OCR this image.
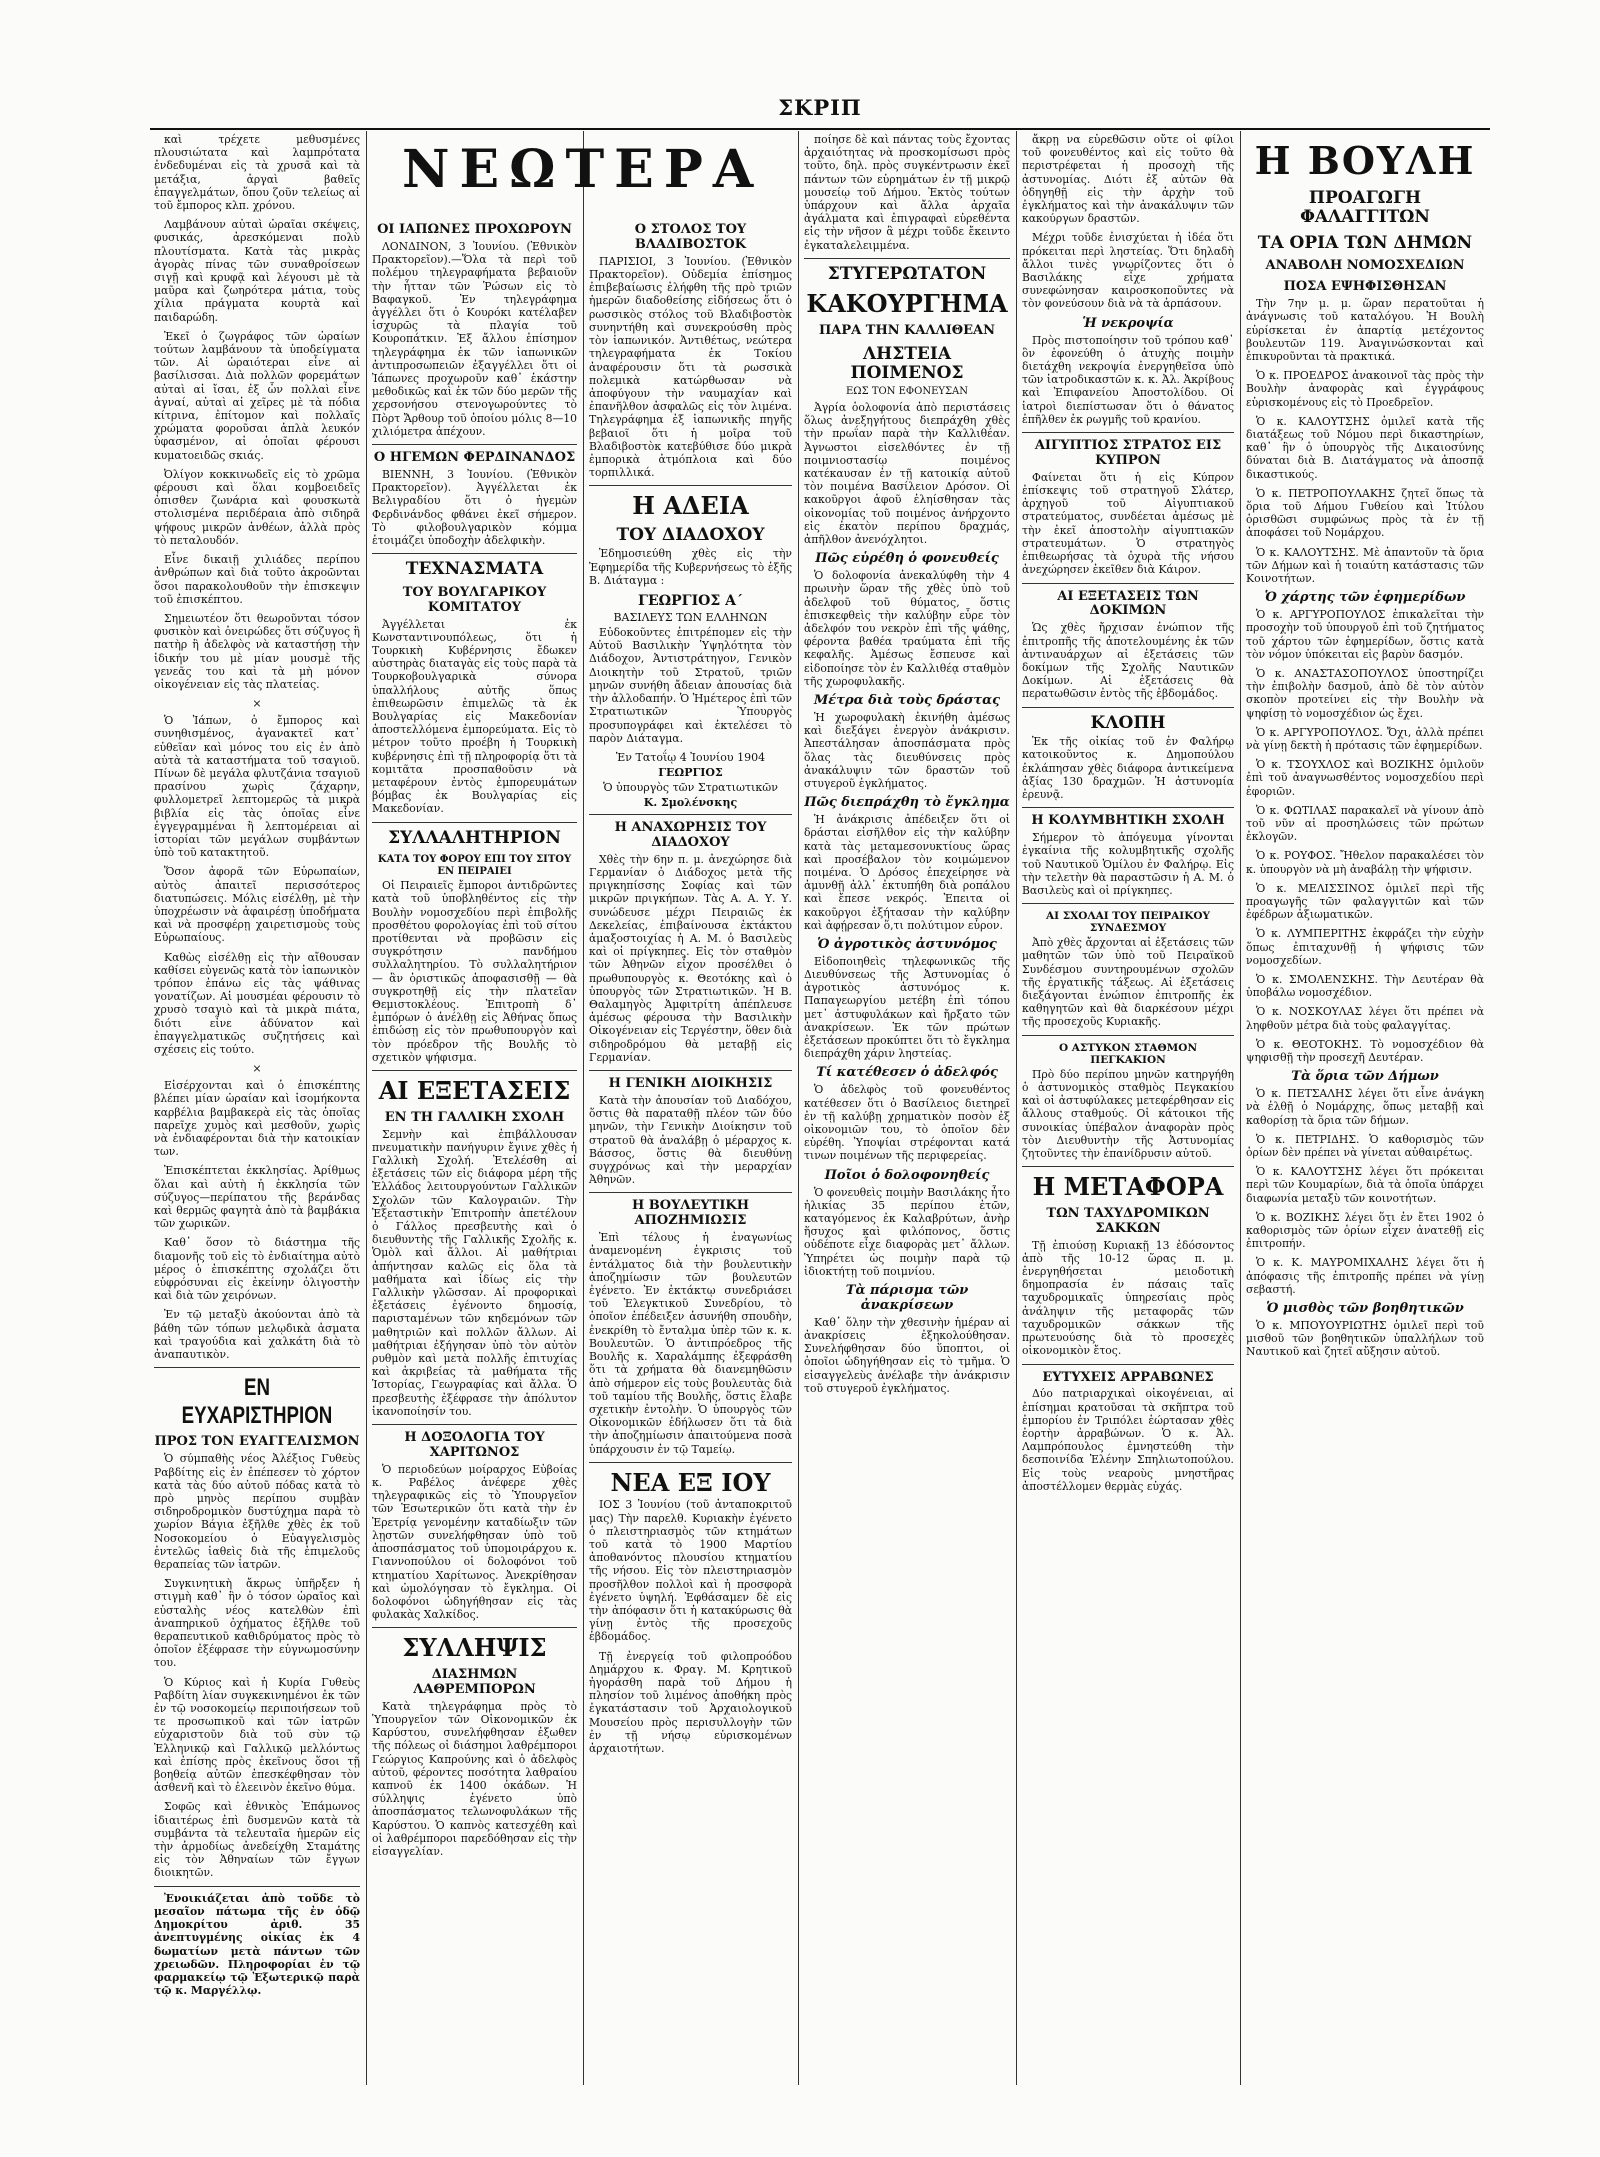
ΣΚΡΙΠ
ΝΕΩΤΕΡΑ

καὶ τρέχετε μεθυσμένες πλουσιώτατα καὶ λαμπρότατα ἐνδεδυμέναι εἰς τὰ χρυσᾶ καὶ τὰ μετάξια, ἀργαὶ βαθεῖς ἐπαγγελμάτων, ὅπου ζοῦν τελείως αἱ τοῦ ἔμπορος κλπ. χρόνου.

Λαμβάνουν αὐταὶ ὡραῖαι σκέψεις, φυσικάς, ἀρεσκόμεναι πολὺ πλουτίσματα. Κατὰ τὰς μικρὰς ἀγορὰς πίνας τῶν συναθροίσεων σιγῇ καὶ κρυφᾷ καὶ λέγουσι μὲ τὰ μαῦρα καὶ ζωηρότερα μάτια, τοὺς χίλια πράγματα κουρτὰ καὶ παιδαρώδη.

Ἐκεῖ ὁ ζωγράφος τῶν ὡραίων τούτων λαμβάνουν τὰ ὑποδείγματα τῶν. Αἱ ὡραιότεραι εἶνε αἱ βασίλισσαι. Διὰ πολλῶν φορεμάτων αὐταὶ αἱ ἴσαι, ἐξ ὧν πολλαὶ εἶνε ἀγναί, αὐταὶ αἱ χεῖρες μὲ τὰ πόδια κίτρινα, ἐπίτομον καὶ πολλαῖς χρώματα φοροῦσαι ἁπλὰ λευκόν ὑφασμένον, αἱ ὁποῖαι φέρουσι κυματοειδῶς σκιάς.

Ὀλίγον κοκκινωδεῖς εἰς τὸ χρῶμα φέρουσι καὶ ὅλαι κομβοειδεῖς ὀπισθεν ζωνάρια καὶ φουσκωτὰ στολισμένα περιδέραια ἀπὸ σιδηρᾶ ψήφους μικρῶν ἀνθέων, ἀλλὰ πρὸς τὸ πεταλουδόν.

Εἶνε δικαιῇ χιλιάδες περίπου ἀνθρώπων καὶ διὰ τοῦτο ἀκροῶνται ὅσοι παρακολουθοῦν τὴν ἐπισκεψιν τοῦ ἐπισκέπτου.

Σημειωτέον ὅτι θεωροῦνται τόσον φυσικὸν καὶ ὀνειρώδες ὅτι σύζυγος ἢ πατὴρ ἢ ἀδελφὸς νὰ καταστήσῃ τὴν ἰδικήν του μὲ μίαν μουσμὲ τῆς γενεᾶς του καὶ τὰ μὴ μόνον οἰκογένειαν εἰς τὰς πλατείας.

×

Ὁ Ἰάπων, ὁ ἔμπορος καὶ συνηθισμένος, ἀγανακτεῖ κατ᾽ εὐθεῖαν καὶ μόνος του εἰς ἐν ἀπὸ αὐτὰ τὰ καταστήματα τοῦ τσαγιοῦ. Πίνων δὲ μεγάλα φλυτζάνια τσαγιοῦ πρασίνου χωρὶς ζάχαρην, φυλλομετρεῖ λεπτομερῶς τὰ μικρὰ βιβλία εἰς τὰς ὁποῖας εἶνε ἐγγεγραμμέναι ἢ λεπτομέρειαι αἱ ἱστορίαι τῶν μεγάλων συμβάντων ὑπὸ τοῦ κατακτητοῦ.

Ὅσον ἀφορᾶ τῶν Εὐρωπαίων, αὐτὸς ἀπαιτεῖ περισσότερος διατυπώσεις. Μόλις εἰσέλθῃ, μὲ τὴν ὑποχρέωσιν νὰ ἀφαιρέσῃ ὑποδήματα καὶ νὰ προσφέρῃ χαιρετισμοὺς τοὺς Εὐρωπαίους.

Καθὼς εἰσέλθῃ εἰς τὴν αἴθουσαν καθίσει εὐγενῶς κατὰ τὸν ἰαπωνικὸν τρόπον ἐπάνω εἰς τὰς ψάθινας γονατίζων. Αἱ μουσμέαι φέρουσιν τὸ χρυσὸ τσαγιὸ καὶ τὰ μικρὰ πιάτα, διότι εἶνε ἀδύνατον καὶ ἐπαγγελματικῶς συζητήσεις καὶ σχέσεις εἰς τούτο.

×

Εἰσέρχονται καὶ ὁ ἐπισκέπτης βλέπει μίαν ὡραίαν καὶ ἱσομήκοντα καρβέλια βαμβακερὰ εἰς τὰς ὁποῖας παρεῖχε χυμὸς καὶ μεσθοῦν, χωρὶς νὰ ἐνδιαφέρονται διὰ τὴν κατοικίαν των.

Ἐπισκέπτεται ἐκκλησίας. Ἀρίθμως ὅλαι καὶ αὐτὴ ἡ ἐκκλησία τῶν σύζυγος—περίπατου τῆς βεράνδας καὶ θερμῶς φαγητὰ ἀπὸ τὰ βαμβάκια τῶν χωρικῶν.

Καθ᾽ ὅσον τὸ διάστημα τῆς διαμονῆς τοῦ εἰς τὸ ἐνδιαίτημα αὐτὸ μέρος ὁ ἐπισκέπτης σχολάζει ὅτι εὐφρόσυναι εἰς ἐκείνην ὀλιγοστὴν καὶ διὰ τῶν χειρόνων.

Ἐν τῷ μεταξὺ ἀκούονται ἀπὸ τὰ βάθη τῶν τόπων μελῳδικὰ ἀσματα καὶ τραγούδια καὶ χαλκάτη διὰ τὸ ἀναπαυτικὸν.

ΕΝ ΕΥΧΑΡΙΣΤΗΡΙΟΝ
ΠΡΟΣ ΤΟΝ ΕΥΑΓΓΕΛΙΣΜΟΝ

Ὁ σύμπαθὴς νέος Ἀλέξιος Γυθεὺς Ραβδίτης εἰς ἐν ἐπέπεσεν τὸ χόρτον κατὰ τὰς δύο αὐτοῦ πόδας κατὰ τὸ πρὸ μηνὸς περίπου συμβὰν σιδηροδρομικὸν δυστύχημα παρὰ τὸ χωρίον Βάγια ἐξῆλθε χθὲς ἐκ τοῦ Νοσοκομείου ὁ Εὐαγγελισμὸς ἐντελῶς ἰαθεὶς διὰ τῆς ἐπιμελοῦς θεραπείας τῶν ἰατρῶν.

Συγκινητικὴ ἄκρως ὑπῆρξεν ἡ στιγμὴ καθ᾽ ἣν ὁ τόσον ὡραῖος καὶ εὐσταλὴς νέος κατελθὼν ἐπὶ ἀναπηρικοῦ ὀχήματος ἐξῆλθε τοῦ θεραπευτικοῦ καθιδρύματος πρὸς τὸ ὁποῖον ἐξέφρασε τὴν εὐγνωμοσύνην του.

Ὁ Κύριος καὶ ἡ Κυρία Γυθεὺς Ραβδίτη λίαν συγκεκινημένοι ἐκ τῶν ἐν τῷ νοσοκομείῳ περιποιήσεων τοῦ τε προσωπικοῦ καὶ τῶν ἰατρῶν εὐχαριστοῦν διὰ τοῦ σὺν τῷ Ἐλληνικῷ καὶ Γαλλικῷ μελλόντως καὶ ἐπίσης πρὸς ἐκεῖνους ὅσοι τῇ βοηθείᾳ αὐτῶν ἐπεσκέφθησαν τὸν ἀσθενῆ καὶ τὸ ἐλεεινὸν ἐκεῖνο θύμα.

Σοφῶς καὶ ἐθνικὸς Ἐπάμωνος ἰδιαιτέρως ἐπὶ δυσμενῶν κατὰ τὰ συμβάντα τὰ τελευταῖα ἡμερῶν εἰς τὴν ἁρμοδίως ἀνεδείχθη Σταμάτης εἰς τὸν Ἀθηναίων τῶν ἔγγων διοικητῶν.

Ἐνοικιάζεται ἀπὸ τοῦδε τὸ μεσαῖον πάτωμα τῆς ἐν ὁδῷ Δημοκρίτου ἀριθ. 35 ἀνεπτυγμένης οἰκίας ἐκ 4 δωματίων μετὰ πάντων τῶν χρειωδῶν. Πληροφορίαι ἐν τῷ φαρμακείῳ τῷ Ἐξωτερικῷ παρὰ τῷ κ. Μαργέλλῳ.

ΟΙ ΙΑΠΩΝΕΣ ΠΡΟΧΩΡΟΥΝ

ΛΟΝΔΙΝΟΝ, 3 Ἰουνίου. (Ἐθνικὸν Πρακτορεῖον).—Ὅλα τὰ περὶ τοῦ πολέμου τηλεγραφήματα βεβαιοῦν τὴν ἧτταν τῶν Ῥώσων εἰς τὸ Βαφαγκοῦ. Ἐν τηλεγράφημα ἀγγέλλει ὅτι ὁ Κουρόκι κατέλαβεν ἰσχυρῶς τὰ πλαγία τοῦ Κουροπάτκιν. Ἐξ ἄλλου ἐπίσημον τηλεγράφημα ἐκ τῶν ἰαπωνικῶν ἀντιπροσωπειῶν ἐξαγγέλλει ὅτι οἱ Ἰάπωνες προχωροῦν καθ᾽ ἑκάστην μεθοδικῶς καὶ ἐκ τῶν δύο μερῶν τῆς χερσονήσου στενογωρούντες τὸ Πὸρτ Ἄρθουρ τοῦ ὁποίου μόλις 8—10 χιλιόμετρα ἀπέχουν.

Ο ΗΓΕΜΩΝ ΦΕΡΔΙΝΑΝΔΟΣ

ΒΙΕΝΝΗ, 3 Ἰουνίου. (Ἐθνικὸν Πρακτορεῖον). Ἀγγέλλεται ἐκ Βελιγραδίου ὅτι ὁ ἡγεμὼν Φερδινάνδος φθάνει ἐκεῖ σήμερον. Τὸ φιλοβουλγαρικὸν κόμμα ἑτοιμάζει ὑποδοχὴν ἀδελφικὴν.

ΤΕΧΝΑΣΜΑΤΑ
ΤΟΥ ΒΟΥΛΓΑΡΙΚΟΥ ΚΟΜΙΤΑΤΟΥ

Ἀγγέλλεται ἐκ Κωνσταντινουπόλεως, ὅτι ἡ Τουρκικὴ Κυβέρνησις ἔδωκεν αὐστηρὰς διαταγὰς εἰς τοὺς παρὰ τὰ Τουρκοβουλγαρικὰ σύνορα ὑπαλλήλους αὐτῆς ὅπως ἐπιθεωρῶσιν ἐπιμελῶς τὰ ἐκ Βουλγαρίας εἰς Μακεδονίαν ἀποστελλόμενα ἐμπορεύματα. Εἰς τὸ μέτρον τοῦτο προέβη ἡ Τουρκικὴ κυβέρνησις ἐπὶ τῇ πληροφορίᾳ ὅτι τὰ κομιτᾶτα προσπαθοῦσιν νὰ μεταφέρουν ἐντὸς ἐμπορευμάτων βόμβας ἐκ Βουλγαρίας εἰς Μακεδονίαν.

ΣΥΛΛΑΛΗΤΗΡΙΟΝ
ΚΑΤΑ ΤΟΥ ΦΟΡΟΥ ΕΠΙ ΤΟΥ ΣΙΤΟΥ ΕΝ ΠΕΙΡΑΙΕΙ

Οἱ Πειραιεῖς ἔμποροι ἀντιδρῶντες κατὰ τοῦ ὑποβληθέντος εἰς τὴν Βουλὴν νομοσχεδίου περὶ ἐπιβολῆς προσθέτου φορολογίας ἐπὶ τοῦ σίτου προτίθενται νὰ προβῶσιν εἰς συγκρότησιν πανδήμου συλλαλητηρίου. Τὸ συλλαλητήριον — ἂν ὁριστικῶς ἀποφασισθῇ — θὰ συγκροτηθῇ εἰς τὴν πλατεῖαν Θεμιστοκλέους. Ἐπιτροπὴ δ᾽ ἐμπόρων ὁ ἀνέλθῃ εἰς Ἀθήνας ὅπως ἐπιδώσῃ εἰς τὸν πρωθυπουργὸν καὶ τὸν πρόεδρον τῆς Βουλῆς τὸ σχετικὸν ψήφισμα.

ΑΙ ΕΞΕΤΑΣΕΙΣ
ΕΝ ΤΗ ΓΑΛΛΙΚΗ ΣΧΟΛΗ

Σεμνὴν καὶ ἐπιβάλλουσαν πνευματικὴν πανήγυριν ἔγινε χθὲς ἡ Γαλλικὴ Σχολή. Ἐτελέσθη αἱ ἐξετάσεις τῶν εἰς διάφορα μέρη τῆς Ἑλλάδος λειτουργούντων Γαλλικῶν Σχολῶν τῶν Καλογραιῶν. Τὴν Ἐξεταστικὴν Ἐπιτροπὴν ἀπετέλουν ὁ Γάλλος πρεσβευτὴς καὶ ὁ διευθυντὴς τῆς Γαλλικῆς Σχολῆς κ. Ὁμὸλ καὶ ἄλλοι. Αἱ μαθήτριαι ἀπήντησαν καλῶς εἰς ὅλα τὰ μαθήματα καὶ ἰδίως εἰς τὴν Γαλλικὴν γλῶσσαν. Αἱ προφορικαὶ ἐξετάσεις ἐγένοντο δημοσίᾳ, παρισταμένων τῶν κηδεμόνων τῶν μαθητριῶν καὶ πολλῶν ἄλλων. Αἱ μαθήτριαι ἐξήγησαν ὑπὸ τὸν αὐτὸν ρυθμὸν καὶ μετὰ πολλῆς ἐπιτυχίας καὶ ἀκριβείας τὰ μαθήματα τῆς Ἱστορίας, Γεωγραφίας καὶ ἄλλα. Ὁ πρεσβευτὴς ἐξέφρασε τὴν ἀπόλυτον ἱκανοποίησίν του.

Η ΔΟΞΟΛΟΓΙΑ ΤΟΥ ΧΑΡΙΤΩΝΟΣ

Ὁ περιοδεύων μοίραρχος Εὐβοίας κ. Ραβέλος ἀνέφερε χθὲς τηλεγραφικῶς εἰς τὸ Ὑπουργεῖον τῶν Ἐσωτερικῶν ὅτι κατὰ τὴν ἐν Ἐρετρίᾳ γενομένην καταδίωξιν τῶν λῃστῶν συνελήφθησαν ὑπὸ τοῦ ἀποσπάσματος τοῦ ὑπομοιράρχου κ. Γιαννοπούλου οἱ δολοφόνοι τοῦ κτηματίου Χαρίτωνος. Ἀνεκρίθησαν καὶ ὡμολόγησαν τὸ ἔγκλημα. Οἱ δολοφόνοι ὡδηγήθησαν εἰς τὰς φυλακὰς Χαλκίδος.

ΣΥΛΛΗΨΙΣ
ΔΙΑΣΗΜΩΝ ΛΑΘΡΕΜΠΟΡΩΝ

Κατὰ τηλεγράφημα πρὸς τὸ Ὑπουργεῖον τῶν Οἰκονομικῶν ἐκ Καρύστου, συνελήφθησαν ἐξωθεν τῆς πόλεως οἱ διάσημοι λαθρέμποροι Γεώργιος Καπρούνης καὶ ὁ ἀδελφὸς αὐτοῦ, φέροντες ποσότητα λαθραίου καπνοῦ ἐκ 1400 ὀκάδων. Ἡ σύλληψις ἐγένετο ὑπὸ ἀποσπάσματος τελωνοφυλάκων τῆς Καρύστου. Ὁ καπνὸς κατεσχέθη καὶ οἱ λαθρέμποροι παρεδόθησαν εἰς τὴν εἰσαγγελίαν.

Ο ΣΤΟΛΟΣ ΤΟΥ ΒΛΑΔΙΒΟΣΤΟΚ

ΠΑΡΙΣΙΟΙ, 3 Ἰουνίου. (Ἐθνικὸν Πρακτορεῖον). Οὐδεμία ἐπίσημος ἐπιβεβαίωσις ἐλήφθη τῆς πρὸ τριῶν ἡμερῶν διαδοθείσης εἰδήσεως ὅτι ὁ ρωσσικὸς στόλος τοῦ Βλαδιβοστὸκ συνηντήθη καὶ συνεκρούσθη πρὸς τὸν ἰαπωνικόν. Ἀντιθέτως, νεώτερα τηλεγραφήματα ἐκ Τοκίου ἀναφέρουσιν ὅτι τὰ ρωσσικὰ πολεμικὰ κατώρθωσαν νὰ ἀποφύγουν τὴν ναυμαχίαν καὶ ἐπανῆλθον ἀσφαλῶς εἰς τὸν λιμένα. Τηλεγράφημα ἐξ ἰαπωνικῆς πηγῆς βεβαιοῖ ὅτι ἡ μοῖρα τοῦ Βλαδιβοστὸκ κατεβύθισε δύο μικρὰ ἐμπορικὰ ἀτμόπλοια καὶ δύο τορπιλλικά.

Η ΑΔΕΙΑ
ΤΟΥ ΔΙΑΔΟΧΟΥ

Ἐδημοσιεύθη χθὲς εἰς τὴν Ἐφημερίδα τῆς Κυβερνήσεως τὸ ἑξῆς Β. Διάταγμα :

ΓΕΩΡΓΙΟΣ Α´
ΒΑΣΙΛΕΥΣ ΤΩΝ ΕΛΛΗΝΩΝ

Εὐδοκοῦντες ἐπιτρέπομεν εἰς τὴν Αὐτοῦ Βασιλικὴν Ὑψηλότητα τὸν Διάδοχον, Ἀντιστράτηγον, Γενικὸν Διοικητὴν τοῦ Στρατοῦ, τριῶν μηνῶν συνήθη ἄδειαν ἀπουσίας διὰ τὴν ἀλλοδαπήν. Ὁ Ἡμέτερος ἐπὶ τῶν Στρατιωτικῶν Ὑπουργὸς προσυπογράφει καὶ ἐκτελέσει τὸ παρὸν Διάταγμα.

Ἐν Τατοΐῳ 4 Ἰουνίου 1904
ΓΕΩΡΓΙΟΣ
Ὁ ὑπουργὸς τῶν Στρατιωτικῶν
Κ. Σμολένσκης
Η ΑΝΑΧΩΡΗΣΙΣ ΤΟΥ ΔΙΑΔΟΧΟΥ

Χθὲς τὴν 6ην π. μ. ἀνεχώρησε διὰ Γερμανίαν ὁ Διάδοχος μετὰ τῆς πριγκηπίσσης Σοφίας καὶ τῶν μικρῶν πριγκήπων. Τὰς Α. Α. Υ. Υ. συνώδευσε μέχρι Πειραιῶς ἐκ Δεκελείας, ἐπιβαίνουσα ἐκτάκτου ἁμαξοστοιχίας ἡ Α. Μ. ὁ Βασιλεὺς καὶ οἱ πρίγκηπες. Εἰς τὸν σταθμὸν τῶν Ἀθηνῶν εἶχον προσέλθει ὁ πρωθυπουργὸς κ. Θεοτόκης καὶ ὁ ὑπουργὸς τῶν Στρατιωτικῶν. Ἡ Β. Θαλαμηγὸς Ἀμφιτρίτη ἀπέπλευσε ἀμέσως φέρουσα τὴν Βασιλικὴν Οἰκογένειαν εἰς Τεργέστην, ὅθεν διὰ σιδηροδρόμου θὰ μεταβῇ εἰς Γερμανίαν.

Η ΓΕΝΙΚΗ ΔΙΟΙΚΗΣΙΣ

Κατὰ τὴν ἀπουσίαν τοῦ Διαδόχου, ὅστις θὰ παραταθῇ πλέον τῶν δύο μηνῶν, τὴν Γενικὴν Διοίκησιν τοῦ στρατοῦ θὰ ἀναλάβῃ ὁ μέραρχος κ. Βάσσος, ὅστις θὰ διευθύνῃ συγχρόνως καὶ τὴν μεραρχίαν Ἀθηνῶν.

Η ΒΟΥΛΕΥΤΙΚΗ ΑΠΟΖΗΜΙΩΣΙΣ

Ἐπὶ τέλους ἡ ἐναγωνίως ἀναμενομένη ἐγκρισις τοῦ ἐντάλματος διὰ τὴν βουλευτικὴν ἀποζημίωσιν τῶν βουλευτῶν ἐγένετο. Ἐν ἐκτάκτῳ συνεδριάσει τοῦ Ἐλεγκτικοῦ Συνεδρίου, τὸ ὁποῖον ἐπέδειξεν ἀσυνήθη σπουδὴν, ἐνεκρίθη τὸ ἔνταλμα ὑπὲρ τῶν κ. κ. Βουλευτῶν. Ὁ ἀντιπρόεδρος τῆς Βουλῆς κ. Χαραλάμπης ἐξεφράσθη ὅτι τὰ χρήματα θὰ διανεμηθῶσιν ἀπὸ σήμερον εἰς τοὺς βουλευτὰς διὰ τοῦ ταμίου τῆς Βουλῆς, ὅστις ἔλαβε σχετικὴν ἐντολὴν. Ὁ ὑπουργὸς τῶν Οἰκονομικῶν ἐδήλωσεν ὅτι τὰ διὰ τὴν ἀποζημίωσιν ἀπαιτούμενα ποσὰ ὑπάρχουσιν ἐν τῷ Ταμείῳ.

ΝΕΑ ΕΞ ΙΟΥ

ΙΟΣ 3 Ἰουνίου (τοῦ ἀνταποκριτοῦ μας) Τὴν παρελθ. Κυριακὴν ἐγένετο ὁ πλειστηριασμὸς τῶν κτημάτων τοῦ κατὰ τὸ 1900 Μαρτίου ἀποθανόντος πλουσίου κτηματίου τῆς νήσου. Εἰς τὸν πλειστηριασμὸν προσῆλθον πολλοὶ καὶ ἡ προσφορὰ ἐγένετο ὑψηλή. Ἐφθάσαμεν δὲ εἰς τὴν ἀπόφασιν ὅτι ἡ κατακύρωσις θὰ γίνῃ ἐντὸς τῆς προσεχοῦς ἑβδομάδος.

Τῇ ἐνεργείᾳ τοῦ φιλοπροόδου Δημάρχου κ. Φραγ. Μ. Κρητικοῦ ἠγοράσθη παρὰ τοῦ Δήμου ἡ πλησίον τοῦ λιμένος ἀποθήκη πρὸς ἐγκατάστασιν τοῦ Ἀρχαιολογικοῦ Μουσείου πρὸς περισυλλογὴν τῶν ἐν τῇ νήσῳ εὑρισκομένων ἀρχαιοτήτων.

ποίησε δὲ καὶ πάντας τοὺς ἔχοντας ἀρχαιότητας νὰ προσκομίσωσι πρὸς τοῦτο, δηλ. πρὸς συγκέντρωσιν ἐκεῖ πάντων τῶν εὑρημάτων ἐν τῇ μικρῷ μουσείῳ τοῦ Δήμου. Ἐκτὸς τούτων ὑπάρχουν καὶ ἄλλα ἀρχαῖα ἀγάλματα καὶ ἐπιγραφαὶ εὑρεθέντα εἰς τὴν νῆσον ἃ μέχρι τοῦδε ἔκειντο ἐγκαταλελειμμένα.

ΣΤΥΓΕΡΩΤΑΤΟΝ
ΚΑΚΟΥΡΓΗΜΑ
ΠΑΡΑ ΤΗΝ ΚΑΛΛΙΘΕΑΝ
ΛΗΣΤΕΙΑ ΠΟΙΜΕΝΟΣ
ΕΩΣ ΤΟΝ ΕΦΟΝΕΥΣΑΝ

Ἀγρία ὁολοφονία ἀπὸ περιστάσεις ὅλως ἀνεξηγήτους διεπράχθη χθὲς τὴν πρωΐαν παρὰ τὴν Καλλιθέαν. Ἀγνωστοι εἰσελθόντες ἐν τῇ ποιμνιοστασίῳ ποιμένος κατέκαυσαν ἐν τῇ κατοικίᾳ αὐτοῦ τὸν ποιμένα Βασίλειον Δρόσον. Οἱ κακοῦργοι ἀφοῦ ἐληίσθησαν τὰς οἰκονομίας τοῦ ποιμένος ἀνήρχοντο εἰς ἑκατὸν περίπου δραχμάς, ἀπῆλθον ἀνενόχλητοι.

Πῶς εὑρέθη ὁ φονευθείς

Ὁ δολοφονία ἀνεκαλύφθη τὴν 4 πρωινὴν ὥραν τῆς χθὲς ὑπὸ τοῦ ἀδελφοῦ τοῦ θύματος, ὅστις ἐπισκεφθεὶς τὴν καλύβην εὗρε τὸν ἀδελφόν του νεκρὸν ἐπὶ τῆς ψάθης, φέροντα βαθέα τραύματα ἐπὶ τῆς κεφαλῆς. Ἀμέσως ἔσπευσε καὶ εἰδοποίησε τὸν ἐν Καλλιθέᾳ σταθμὸν τῆς χωροφυλακῆς.

Μέτρα διὰ τοὺς δράστας

Ἡ χωροφυλακὴ ἐκινήθη ἀμέσως καὶ διεξάγει ἐνεργὸν ἀνάκρισιν. Ἀπεστάλησαν ἀποσπάσματα πρὸς ὅλας τὰς διευθύνσεις πρὸς ἀνακάλυψιν τῶν δραστῶν τοῦ στυγεροῦ ἐγκλήματος.

Πῶς διεπράχθη τὸ ἔγκλημα

Ἡ ἀνάκρισις ἀπέδειξεν ὅτι οἱ δράσται εἰσῆλθον εἰς τὴν καλύβην κατὰ τὰς μεταμεσονυκτίους ὥρας καὶ προσέβαλον τὸν κοιμώμενον ποιμένα. Ὁ Δρόσος ἐπεχείρησε νὰ ἀμυνθῇ ἀλλ᾽ ἐκτυπήθη διὰ ροπάλου καὶ ἔπεσε νεκρός. Ἐπειτα οἱ κακοῦργοι ἐξήτασαν τὴν καλύβην καὶ ἀφῄρεσαν ὅ,τι πολύτιμον εὗρον.

Ὁ ἀγροτικὸς ἀστυνόμος

Εἰδοποιηθεὶς τηλεφωνικῶς τῆς Διευθύνσεως τῆς Ἀστυνομίας ὁ ἀγροτικὸς ἀστυνόμος κ. Παπαγεωργίου μετέβη ἐπὶ τόπου μετ᾽ ἀστυφυλάκων καὶ ἤρξατο τῶν ἀνακρίσεων. Ἐκ τῶν πρώτων ἐξετάσεων προκύπτει ὅτι τὸ ἔγκλημα διεπράχθη χάριν ληστείας.

Τί κατέθεσεν ὁ ἀδελφός

Ὁ ἀδελφὸς τοῦ φονευθέντος κατέθεσεν ὅτι ὁ Βασίλειος διετηρεῖ ἐν τῇ καλύβῃ χρηματικὸν ποσὸν ἐξ οἰκονομιῶν του, τὸ ὁποῖον δὲν εὑρέθη. Ὑποψίαι στρέφονται κατά τινων ποιμένων τῆς περιφερείας.

Ποῖοι ὁ δολοφονηθείς

Ὁ φονευθεὶς ποιμὴν Βασιλάκης ἦτο ἡλικίας 35 περίπου ἐτῶν, καταγόμενος ἐκ Καλαβρύτων, ἀνὴρ ἥσυχος καὶ φιλόπονος, ὅστις οὐδέποτε εἶχε διαφορὰς μετ᾽ ἄλλων. Ὑπηρέτει ὡς ποιμὴν παρὰ τῷ ἰδιοκτήτῃ τοῦ ποιμνίου.

Τὰ πάρισμα τῶν ἀνακρίσεων

Καθ᾽ ὅλην τὴν χθεσινὴν ἡμέραν αἱ ἀνακρίσεις ἐξηκολούθησαν. Συνελήφθησαν δύο ὕποπτοι, οἱ ὁποῖοι ὡδηγήθησαν εἰς τὸ τμῆμα. Ὁ εἰσαγγελεὺς ἀνέλαβε τὴν ἀνάκρισιν τοῦ στυγεροῦ ἐγκλήματος.

ἄκρῃ να εὑρεθῶσιν οὔτε οἱ φίλοι τοῦ φονευθέντος καὶ εἰς τοῦτο θὰ περιστρέφεται ἡ προσοχὴ τῆς ἀστυνομίας. Διότι ἐξ αὐτῶν θὰ ὁδηγηθῇ εἰς τὴν ἀρχὴν τοῦ ἐγκλήματος καὶ τὴν ἀνακάλυψιν τῶν κακούργων δραστῶν.

Μέχρι τοῦδε ἐνισχύεται ἡ ἰδέα ὅτι πρόκειται περὶ ληστείας. Ὅτι δηλαδὴ ἄλλοι τινὲς γνωρίζοντες ὅτι ὁ Βασιλάκης εἶχε χρήματα συνεφώνησαν καιροσκοποῦντες νὰ τὸν φονεύσουν διὰ νὰ τὰ ἀρπάσουν.

Ἡ νεκροψία

Πρὸς πιστοποίησιν τοῦ τρόπου καθ᾽ ὃν ἐφονεύθη ὁ ἀτυχὴς ποιμὴν διετάχθη νεκροψία ἐνεργηθεῖσα ὑπὸ τῶν ἰατροδικαστῶν κ. κ. Ἀλ. Ἀκρίβους καὶ Ἐπιφανείου Ἀποστολίδου. Οἱ ἰατροὶ διεπίστωσαν ὅτι ὁ θάνατος ἐπῆλθεν ἐκ ρωγμῆς τοῦ κρανίου.

ΑΙΓΥΠΤΙΟΣ ΣΤΡΑΤΟΣ ΕΙΣ ΚΥΠΡΟΝ

Φαίνεται ὅτι ἡ εἰς Κύπρον ἐπίσκεψις τοῦ στρατηγοῦ Σλάτερ, ἀρχηγοῦ τοῦ Αἰγυπτιακοῦ στρατεύματος, συνδέεται ἀμέσως μὲ τὴν ἐκεῖ ἀποστολὴν αἰγυπτιακῶν στρατευμάτων. Ὁ στρατηγὸς ἐπιθεωρήσας τὰ ὀχυρὰ τῆς νήσου ἀνεχώρησεν ἐκεῖθεν διὰ Κάιρον.

ΑΙ ΕΞΕΤΑΣΕΙΣ ΤΩΝ ΔΟΚΙΜΩΝ

Ὡς χθὲς ἤρχισαν ἐνώπιον τῆς ἐπιτροπῆς τῆς ἀποτελουμένης ἐκ τῶν ἀντιναυάρχων αἱ ἐξετάσεις τῶν δοκίμων τῆς Σχολῆς Ναυτικῶν Δοκίμων. Αἱ ἐξετάσεις θὰ περατωθῶσιν ἐντὸς τῆς ἑβδομάδος.

ΚΛΟΠΗ

Ἐκ τῆς οἰκίας τοῦ ἐν Φαλήρῳ κατοικοῦντος κ. Δημοπούλου ἐκλάπησαν χθὲς διάφορα ἀντικείμενα ἀξίας 130 δραχμῶν. Ἡ ἀστυνομία ἐρευνᾷ.

Η ΚΟΛΥΜΒΗΤΙΚΗ ΣΧΟΛΗ

Σήμερον τὸ ἀπόγευμα γίνονται ἐγκαίνια τῆς κολυμβητικῆς σχολῆς τοῦ Ναυτικοῦ Ὁμίλου ἐν Φαλήρῳ. Εἰς τὴν τελετὴν θὰ παραστῶσιν ἡ Α. Μ. ὁ Βασιλεὺς καὶ οἱ πρίγκηπες.

ΑΙ ΣΧΟΛΑΙ ΤΟΥ ΠΕΙΡΑΙΚΟΥ ΣΥΝΔΕΣΜΟΥ

Ἀπὸ χθὲς ἄρχονται αἱ ἐξετάσεις τῶν μαθητῶν τῶν ὑπὸ τοῦ Πειραϊκοῦ Συνδέσμου συντηρουμένων σχολῶν τῆς ἐργατικῆς τάξεως. Αἱ ἐξετάσεις διεξάγονται ἐνώπιον ἐπιτροπῆς ἐκ καθηγητῶν καὶ θὰ διαρκέσουν μέχρι τῆς προσεχοῦς Κυριακῆς.

Ο ΑΣΤΥΚΟΝ ΣΤΑΘΜΟΝ ΠΕΓΚΑΚΙΟΝ

Πρὸ δύο περίπου μηνῶν κατηργήθη ὁ ἀστυνομικὸς σταθμὸς Πεγκακίου καὶ οἱ ἀστυφύλακες μετεφέρθησαν εἰς ἄλλους σταθμούς. Οἱ κάτοικοι τῆς συνοικίας ὑπέβαλον ἀναφορὰν πρὸς τὸν Διευθυντὴν τῆς Ἀστυνομίας ζητοῦντες τὴν ἐπανίδρυσιν αὐτοῦ.

Η ΜΕΤΑΦΟΡΑ
ΤΩΝ ΤΑΧΥΔΡΟΜΙΚΩΝ ΣΑΚΚΩΝ

Τῇ ἐπιούσῃ Κυριακῇ 13 ἐδόσοντος ἀπὸ τῆς 10-12 ὥρας π. μ. ἐνεργηθήσεται μειοδοτικὴ δημοπρασία ἐν πάσαις ταῖς ταχυδρομικαῖς ὑπηρεσίαις πρὸς ἀνάληψιν τῆς μεταφορᾶς τῶν ταχυδρομικῶν σάκκων τῆς πρωτευούσης διὰ τὸ προσεχὲς οἰκονομικὸν ἔτος.

ΕΥΤΥΧΕΙΣ ΑΡΡΑΒΩΝΕΣ

Δύο πατριαρχικαὶ οἰκογένειαι, αἱ ἐπίσημαι κρατοῦσαι τὰ σκῆπτρα τοῦ ἐμπορίου ἐν Τριπόλει ἑώρτασαν χθὲς ἐορτὴν ἀρραβώνων. Ὁ κ. Ἀλ. Λαμπρόπουλος ἐμνηστεύθη τὴν δεσποινίδα Ἑλένην Σπηλιωτοπούλου. Εἰς τοὺς νεαροὺς μνηστῆρας ἀποστέλλομεν θερμὰς εὐχάς.

Η ΒΟΥΛΗ
ΠΡΟΑΓΩΓΗ ΦΑΛΑΓΓΙΤΩΝ
ΤΑ ΟΡΙΑ ΤΩΝ ΔΗΜΩΝ
ΑΝΑΒΟΛΗ ΝΟΜΟΣΧΕΔΙΩΝ
ΠΟΣΑ ΕΨΗΦΙΣΘΗΣΑΝ

Τὴν 7ην μ. μ. ὥραν περατοῦται ἡ ἀνάγνωσις τοῦ καταλόγου. Ἡ Βουλὴ εὑρίσκεται ἐν ἀπαρτίᾳ μετέχοντος βουλευτῶν 119. Ἀναγινώσκονται καὶ ἐπικυροῦνται τὰ πρακτικά.

Ὁ κ. ΠΡΟΕΔΡΟΣ ἀνακοινοῖ τὰς πρὸς τὴν Βουλὴν ἀναφορὰς καὶ ἐγγράφους εὑρισκομένους εἰς τὸ Προεδρεῖον.

Ὁ κ. ΚΑΛΟΥΤΣΗΣ ὁμιλεῖ κατὰ τῆς διατάξεως τοῦ Νόμου περὶ δικαστηρίων, καθ᾽ ἣν ὁ ὑπουργὸς τῆς Δικαιοσύνης δύναται διὰ Β. Διατάγματος νὰ ἀποσπᾷ δικαστικούς.

Ὁ κ. ΠΕΤΡΟΠΟΥΛΑΚΗΣ ζητεῖ ὅπως τὰ ὅρια τοῦ Δήμου Γυθείου καὶ Ἰτύλου ὁρισθῶσι συμφώνως πρὸς τὰ ἐν τῇ ἀποφάσει τοῦ Νομάρχου.

Ὁ κ. ΚΑΛΟΥΤΣΗΣ. Μὲ ἀπαντοῦν τὰ ὅρια τῶν Δήμων καὶ ἡ τοιαύτη κατάστασις τῶν Κοινοτήτων.

Ὁ χάρτης τῶν ἐφημερίδων

Ὁ κ. ΑΡΓΥΡΟΠΟΥΛΟΣ ἐπικαλεῖται τὴν προσοχὴν τοῦ ὑπουργοῦ ἐπὶ τοῦ ζητήματος τοῦ χάρτου τῶν ἐφημερίδων, ὅστις κατὰ τὸν νόμον ὑπόκειται εἰς βαρὺν δασμόν.

Ὁ κ. ΑΝΑΣΤΑΣΟΠΟΥΛΟΣ ὑποστηρίζει τὴν ἐπιβολὴν δασμοῦ, ἀπὸ δὲ τὸν αὐτὸν σκοπὸν προτείνει εἰς τὴν Βουλὴν νὰ ψηφίσῃ τὸ νομοσχέδιον ὡς ἔχει.

Ὁ κ. ΑΡΓΥΡΟΠΟΥΛΟΣ. Ὄχι, ἀλλὰ πρέπει νὰ γίνῃ δεκτὴ ἡ πρότασις τῶν ἐφημερίδων.

Ὁ κ. ΤΣΟΥΧΛΟΣ καὶ ΒΟΖΙΚΗΣ ὁμιλοῦν ἐπὶ τοῦ ἀναγνωσθέντος νομοσχεδίου περὶ ἐφοριῶν.

Ὁ κ. ΦΩΤΙΛΑΣ παρακαλεῖ νὰ γίνουν ἀπὸ τοῦ νῦν αἱ προσηλώσεις τῶν πρώτων ἐκλογῶν.

Ὁ κ. ΡΟΥΦΟΣ. Ἤθελον παρακαλέσει τὸν κ. ὑπουργὸν νὰ μὴ ἀναβάλῃ τὴν ψήφισιν.

Ὁ κ. ΜΕΛΙΣΣΙΝΟΣ ὁμιλεῖ περὶ τῆς προαγωγῆς τῶν φαλαγγιτῶν καὶ τῶν ἐφέδρων ἀξιωματικῶν.

Ὁ κ. ΛΥΜΠΕΡΙΤΗΣ ἐκφράζει τὴν εὐχὴν ὅπως ἐπιταχυνθῇ ἡ ψήφισις τῶν νομοσχεδίων.

Ὁ κ. ΣΜΟΛΕΝΣΚΗΣ. Τὴν Δευτέραν θὰ ὑποβάλω νομοσχέδιον.

Ὁ κ. ΝΟΣΚΟΥΛΑΣ λέγει ὅτι πρέπει νὰ ληφθοῦν μέτρα διὰ τοὺς φαλαγγίτας.

Ὁ κ. ΘΕΟΤΟΚΗΣ. Τὸ νομοσχέδιον θὰ ψηφισθῇ τὴν προσεχῆ Δευτέραν.

Τὰ ὅρια τῶν Δήμων

Ὁ κ. ΠΕΤΣΑΛΗΣ λέγει ὅτι εἶνε ἀνάγκη νὰ ἐλθῇ ὁ Νομάρχης, ὅπως μεταβῇ καὶ καθορίσῃ τὰ ὅρια τῶν δήμων.

Ὁ κ. ΠΕΤΡΙΔΗΣ. Ὁ καθορισμὸς τῶν ὁρίων δὲν πρέπει νὰ γίνεται αὐθαιρέτως.

Ὁ κ. ΚΑΛΟΥΤΣΗΣ λέγει ὅτι πρόκειται περὶ τῶν Κουμαρίων, διὰ τὰ ὁποῖα ὑπάρχει διαφωνία μεταξὺ τῶν κοινοτήτων.

Ὁ κ. ΒΟΖΙΚΗΣ λέγει ὅτι ἐν ἔτει 1902 ὁ καθορισμὸς τῶν ὁρίων εἶχεν ἀνατεθῇ εἰς ἐπιτροπήν.

Ὁ κ. Κ. ΜΑΥΡΟΜΙΧΑΛΗΣ λέγει ὅτι ἡ ἀπόφασις τῆς ἐπιτροπῆς πρέπει νὰ γίνῃ σεβαστή.

Ὁ μισθὸς τῶν βοηθητικῶν

Ὁ κ. ΜΠΟΥΟΥΡΙΩΤΗΣ ὁμιλεῖ περὶ τοῦ μισθοῦ τῶν βοηθητικῶν ὑπαλλήλων τοῦ Ναυτικοῦ καὶ ζητεῖ αὔξησιν αὐτοῦ.
